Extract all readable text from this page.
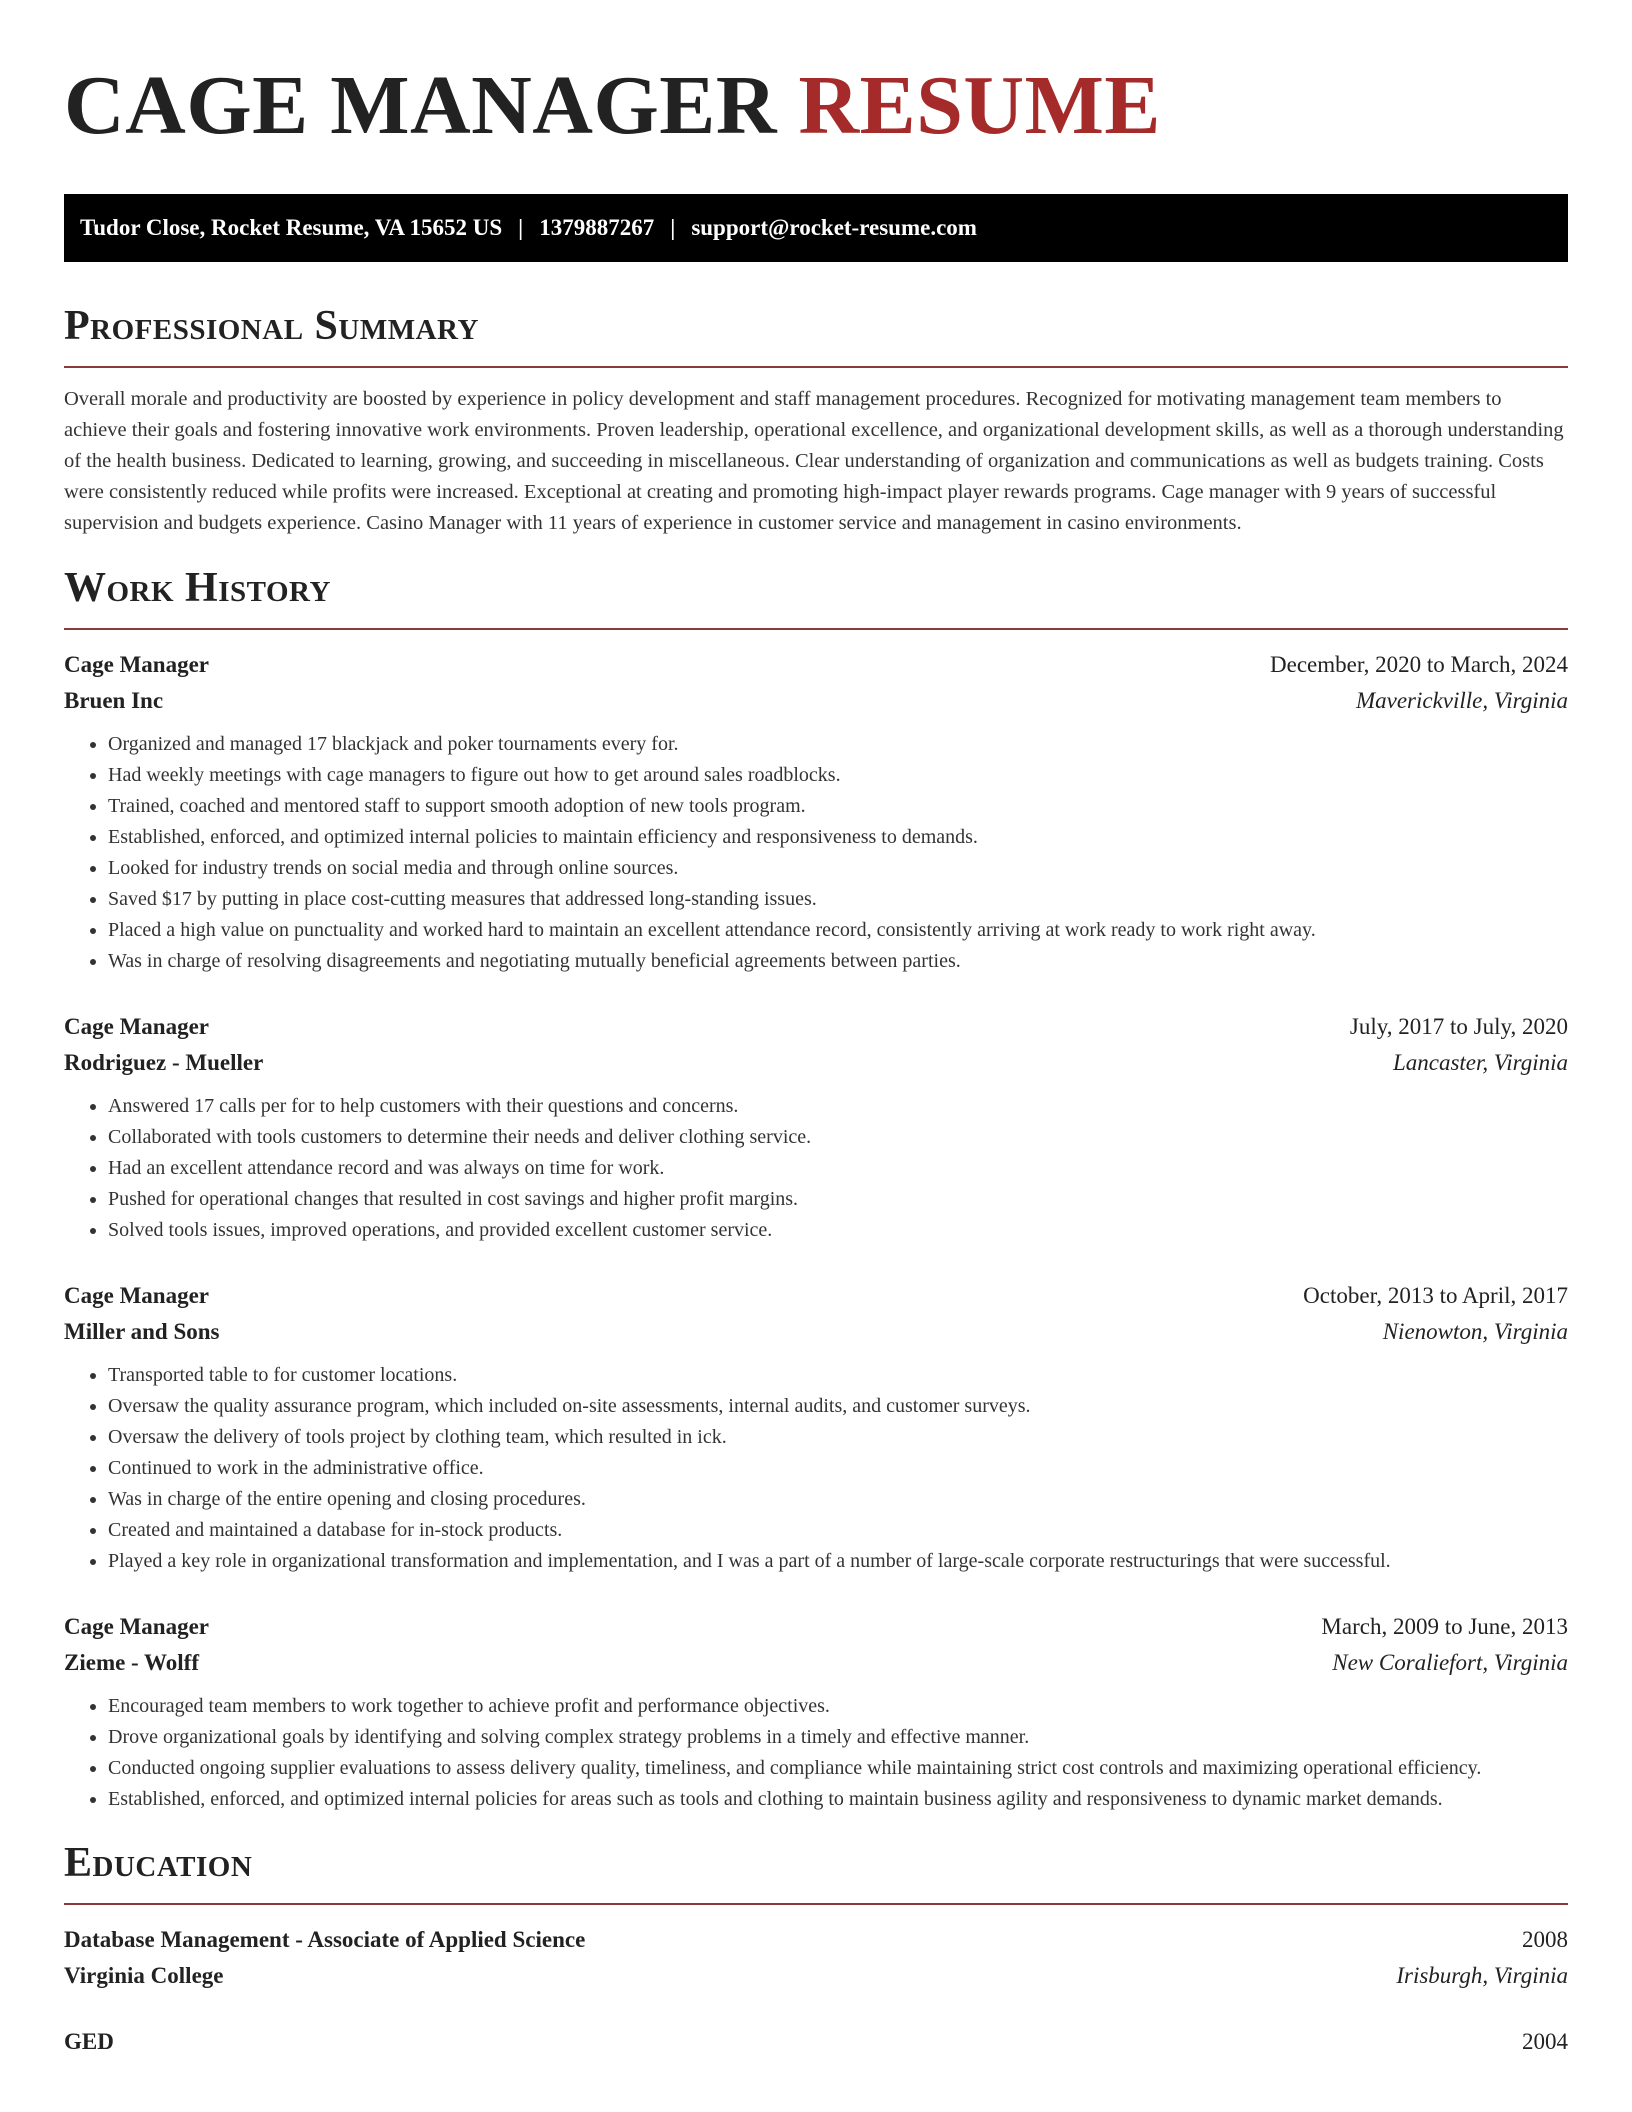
CAGE MANAGER RESUME
Tudor Close, Rocket Resume, VA 15652 US | 1379887267 | support@rocket-resume.com
Professional Summary

Overall morale and productivity are boosted by experience in policy development and staff management procedures. Recognized for motivating management team members to achieve their goals and fostering innovative work environments. Proven leadership, operational excellence, and organizational development skills, as well as a thorough understanding of the health business. Dedicated to learning, growing, and succeeding in miscellaneous. Clear understanding of organization and communications as well as budgets training. Costs were consistently reduced while profits were increased. Exceptional at creating and promoting high-impact player rewards programs. Cage manager with 9 years of successful supervision and budgets experience. Casino Manager with 11 years of experience in customer service and management in casino environments.

Work History
Cage Manager	December, 2020 to March, 2024
Bruen Inc	Maverickville, Virginia
• Organized and managed 17 blackjack and poker tournaments every for.
• Had weekly meetings with cage managers to figure out how to get around sales roadblocks.
• Trained, coached and mentored staff to support smooth adoption of new tools program.
• Established, enforced, and optimized internal policies to maintain efficiency and responsiveness to demands.
• Looked for industry trends on social media and through online sources.
• Saved $17 by putting in place cost-cutting measures that addressed long-standing issues.
• Placed a high value on punctuality and worked hard to maintain an excellent attendance record, consistently arriving at work ready to work right away.
• Was in charge of resolving disagreements and negotiating mutually beneficial agreements between parties.
Cage Manager	July, 2017 to July, 2020
Rodriguez - Mueller	Lancaster, Virginia
• Answered 17 calls per for to help customers with their questions and concerns.
• Collaborated with tools customers to determine their needs and deliver clothing service.
• Had an excellent attendance record and was always on time for work.
• Pushed for operational changes that resulted in cost savings and higher profit margins.
• Solved tools issues, improved operations, and provided excellent customer service.
Cage Manager	October, 2013 to April, 2017
Miller and Sons	Nienowton, Virginia
• Transported table to for customer locations.
• Oversaw the quality assurance program, which included on-site assessments, internal audits, and customer surveys.
• Oversaw the delivery of tools project by clothing team, which resulted in ick.
• Continued to work in the administrative office.
• Was in charge of the entire opening and closing procedures.
• Created and maintained a database for in-stock products.
• Played a key role in organizational transformation and implementation, and I was a part of a number of large-scale corporate restructurings that were successful.
Cage Manager	March, 2009 to June, 2013
Zieme - Wolff	New Coraliefort, Virginia
• Encouraged team members to work together to achieve profit and performance objectives.
• Drove organizational goals by identifying and solving complex strategy problems in a timely and effective manner.
• Conducted ongoing supplier evaluations to assess delivery quality, timeliness, and compliance while maintaining strict cost controls and maximizing operational efficiency.
• Established, enforced, and optimized internal policies for areas such as tools and clothing to maintain business agility and responsiveness to dynamic market demands.
Education
Database Management - Associate of Applied Science	2008
Virginia College	Irisburgh, Virginia
GED	2004
